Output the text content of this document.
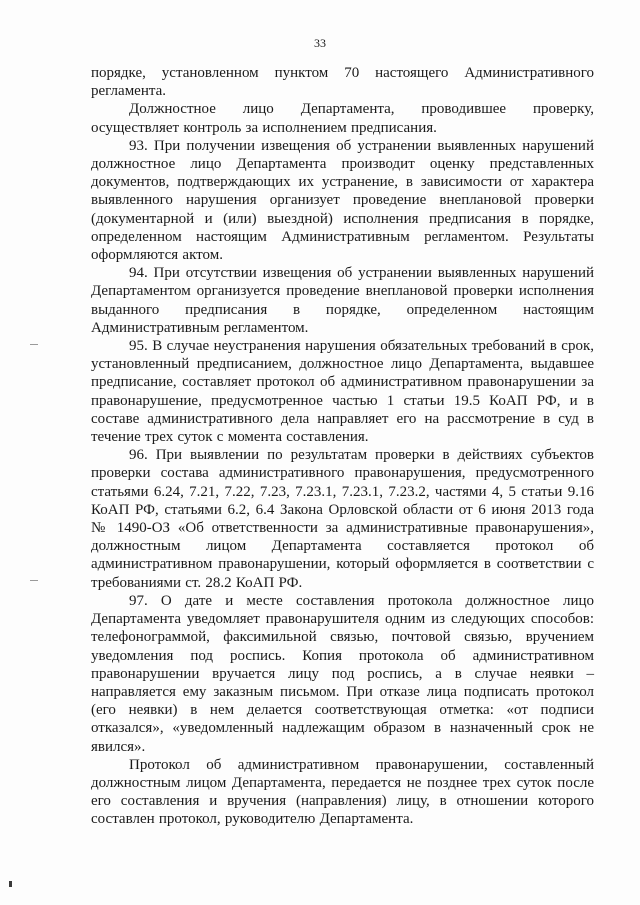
33

порядке, установленном пунктом 70 настоящего Административного регламента.

Должностное лицо Департамента, проводившее проверку, осуществляет контроль за исполнением предписания.

93. При получении извещения об устранении выявленных нарушений должностное лицо Департамента производит оценку представленных документов, подтверждающих их устранение, в зависимости от характера выявленного нарушения организует проведение внеплановой проверки (документарной и (или) выездной) исполнения предписания в порядке, определенном настоящим Административным регламентом. Результаты оформляются актом.

94. При отсутствии извещения об устранении выявленных нарушений Департаментом организуется проведение внеплановой проверки исполнения выданного предписания в порядке, определенном настоящим Административным регламентом.

95. В случае неустранения нарушения обязательных требований в срок, установленный предписанием, должностное лицо Департамента, выдавшее предписание, составляет протокол об административном правонарушении за правонарушение, предусмотренное частью 1 статьи 19.5 КоАП РФ, и в составе административного дела направляет его на рассмотрение в суд в течение трех суток с момента составления.

96. При выявлении по результатам проверки в действиях субъектов проверки состава административного правонарушения, предусмотренного статьями 6.24, 7.21, 7.22, 7.23, 7.23.1, 7.23.1, 7.23.2, частями 4, 5 статьи 9.16 КоАП РФ, статьями 6.2, 6.4 Закона Орловской области от 6 июня 2013 года № 1490-ОЗ «Об ответственности за административные правонарушения», должностным лицом Департамента составляется протокол об административном правонарушении, который оформляется в соответствии с требованиями ст. 28.2 КоАП РФ.

97. О дате и месте составления протокола должностное лицо Департамента уведомляет правонарушителя одним из следующих способов: телефонограммой, факсимильной связью, почтовой связью, вручением уведомления под роспись. Копия протокола об административном правонарушении вручается лицу под роспись, а в случае неявки – направляется ему заказным письмом. При отказе лица подписать протокол (его неявки) в нем делается соответствующая отметка: «от подписи отказался», «уведомленный надлежащим образом в назначенный срок не явился».

Протокол об административном правонарушении, составленный должностным лицом Департамента, передается не позднее трех суток после его составления и вручения (направления) лицу, в отношении которого составлен протокол, руководителю Департамента.
